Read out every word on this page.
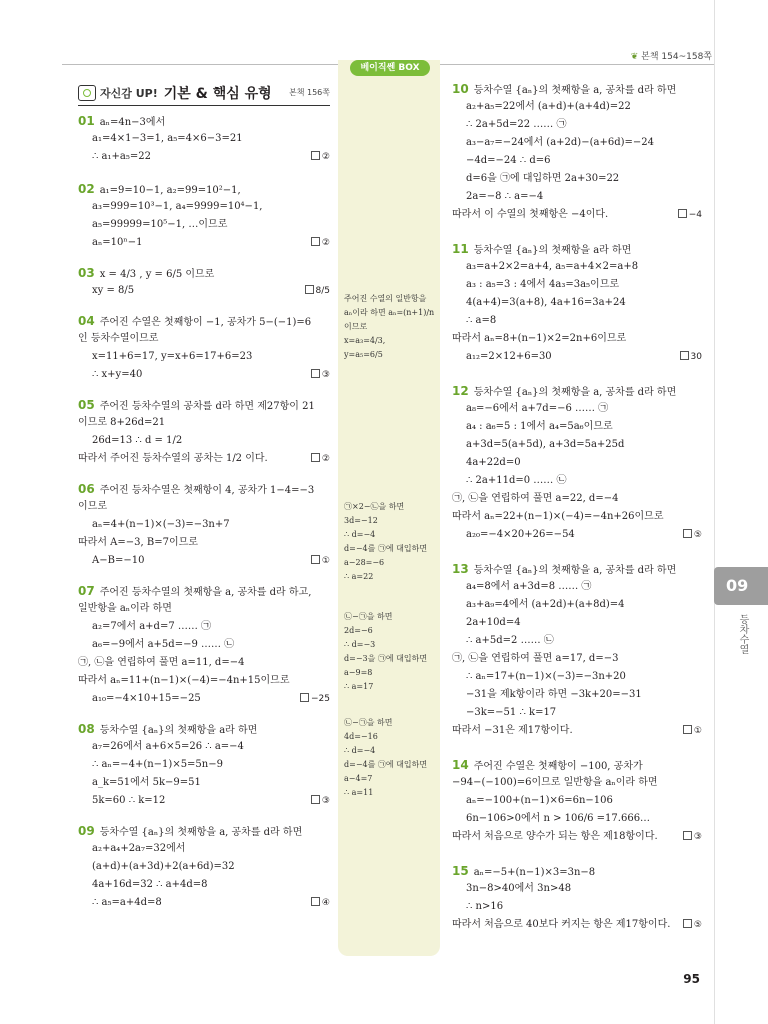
❦ 본책 154~158쪽
베이직쎈 BOX
자신감 UP! 기본 & 핵심 유형 본책 156쪽
01 aₙ=4n−3에서
a₁=4×1−3=1, a₅=4×6−3=21
∴ a₁+a₅=22	②
02 a₁=9=10−1, a₂=99=10²−1,
a₃=999=10³−1, a₄=9999=10⁴−1,
a₅=99999=10⁵−1, …이므로
aₙ=10ⁿ−1	②
03 x = 4/3 , y = 6/5 이므로
xy = 8/5	8/5
04 주어진 수열은 첫째항이 −1, 공차가 5−(−1)=6
인 등차수열이므로
x=11+6=17, y=x+6=17+6=23
∴ x+y=40	③
05 주어진 등차수열의 공차를 d라 하면 제27항이 21
이므로 8+26d=21
26d=13 ∴ d = 1/2
따라서 주어진 등차수열의 공차는 1/2 이다.	②
06 주어진 등차수열은 첫째항이 4, 공차가 1−4=−3
이므로
aₙ=4+(n−1)×(−3)=−3n+7
따라서 A=−3, B=7이므로
A−B=−10	①
07 주어진 등차수열의 첫째항을 a, 공차를 d라 하고,
일반항을 aₙ이라 하면
a₂=7에서 a+d=7 …… ㉠
a₆=−9에서 a+5d=−9 …… ㉡
㉠, ㉡을 연립하여 풀면 a=11, d=−4
따라서 aₙ=11+(n−1)×(−4)=−4n+15이므로
a₁₀=−4×10+15=−25	−25
08 등차수열 {aₙ}의 첫째항을 a라 하면
a₇=26에서 a+6×5=26 ∴ a=−4
∴ aₙ=−4+(n−1)×5=5n−9
a_k=51에서 5k−9=51
5k=60 ∴ k=12	③
09 등차수열 {aₙ}의 첫째항을 a, 공차를 d라 하면
a₂+a₄+2a₇=32에서
(a+d)+(a+3d)+2(a+6d)=32
4a+16d=32 ∴ a+4d=8
∴ a₅=a+4d=8	④
주어진 수열의 일반항을
aₙ이라 하면 aₙ=(n+1)/n
이므로
x=a₃=4/3,
y=a₅=6/5
㉠×2−㉡을 하면
3d=−12
∴ d=−4
d=−4를 ㉠에 대입하면
a−28=−6
∴ a=22
㉡−㉠을 하면
2d=−6
∴ d=−3
d=−3을 ㉠에 대입하면
a−9=8
∴ a=17
㉡−㉠을 하면
4d=−16
∴ d=−4
d=−4를 ㉠에 대입하면
a−4=7
∴ a=11
10 등차수열 {aₙ}의 첫째항을 a, 공차를 d라 하면
a₂+a₅=22에서 (a+d)+(a+4d)=22
∴ 2a+5d=22 …… ㉠
a₃−a₇=−24에서 (a+2d)−(a+6d)=−24
−4d=−24 ∴ d=6
d=6을 ㉠에 대입하면 2a+30=22
2a=−8 ∴ a=−4
따라서 이 수열의 첫째항은 −4이다.	−4
11 등차수열 {aₙ}의 첫째항을 a라 하면
a₃=a+2×2=a+4, a₅=a+4×2=a+8
a₃ : a₅=3 : 4에서 4a₃=3a₅이므로
4(a+4)=3(a+8), 4a+16=3a+24
∴ a=8
따라서 aₙ=8+(n−1)×2=2n+6이므로
a₁₂=2×12+6=30	30
12 등차수열 {aₙ}의 첫째항을 a, 공차를 d라 하면
a₈=−6에서 a+7d=−6 …… ㉠
a₄ : a₆=5 : 1에서 a₄=5a₆이므로
a+3d=5(a+5d), a+3d=5a+25d
4a+22d=0
∴ 2a+11d=0 …… ㉡
㉠, ㉡을 연립하여 풀면 a=22, d=−4
따라서 aₙ=22+(n−1)×(−4)=−4n+26이므로
a₂₀=−4×20+26=−54	⑤
13 등차수열 {aₙ}의 첫째항을 a, 공차를 d라 하면
a₄=8에서 a+3d=8 …… ㉠
a₃+a₉=4에서 (a+2d)+(a+8d)=4
2a+10d=4
∴ a+5d=2 …… ㉡
㉠, ㉡을 연립하여 풀면 a=17, d=−3
∴ aₙ=17+(n−1)×(−3)=−3n+20
−31을 제k항이라 하면 −3k+20=−31
−3k=−51 ∴ k=17
따라서 −31은 제17항이다.	①
14 주어진 수열은 첫째항이 −100, 공차가
−94−(−100)=6이므로 일반항을 aₙ이라 하면
aₙ=−100+(n−1)×6=6n−106
6n−106>0에서 n > 106/6 =17.666…
따라서 처음으로 양수가 되는 항은 제18항이다.	③
15 aₙ=−5+(n−1)×3=3n−8
3n−8>40에서 3n>48
∴ n>16
따라서 처음으로 40보다 커지는 항은 제17항이다.	⑤
09
등차수열
95
